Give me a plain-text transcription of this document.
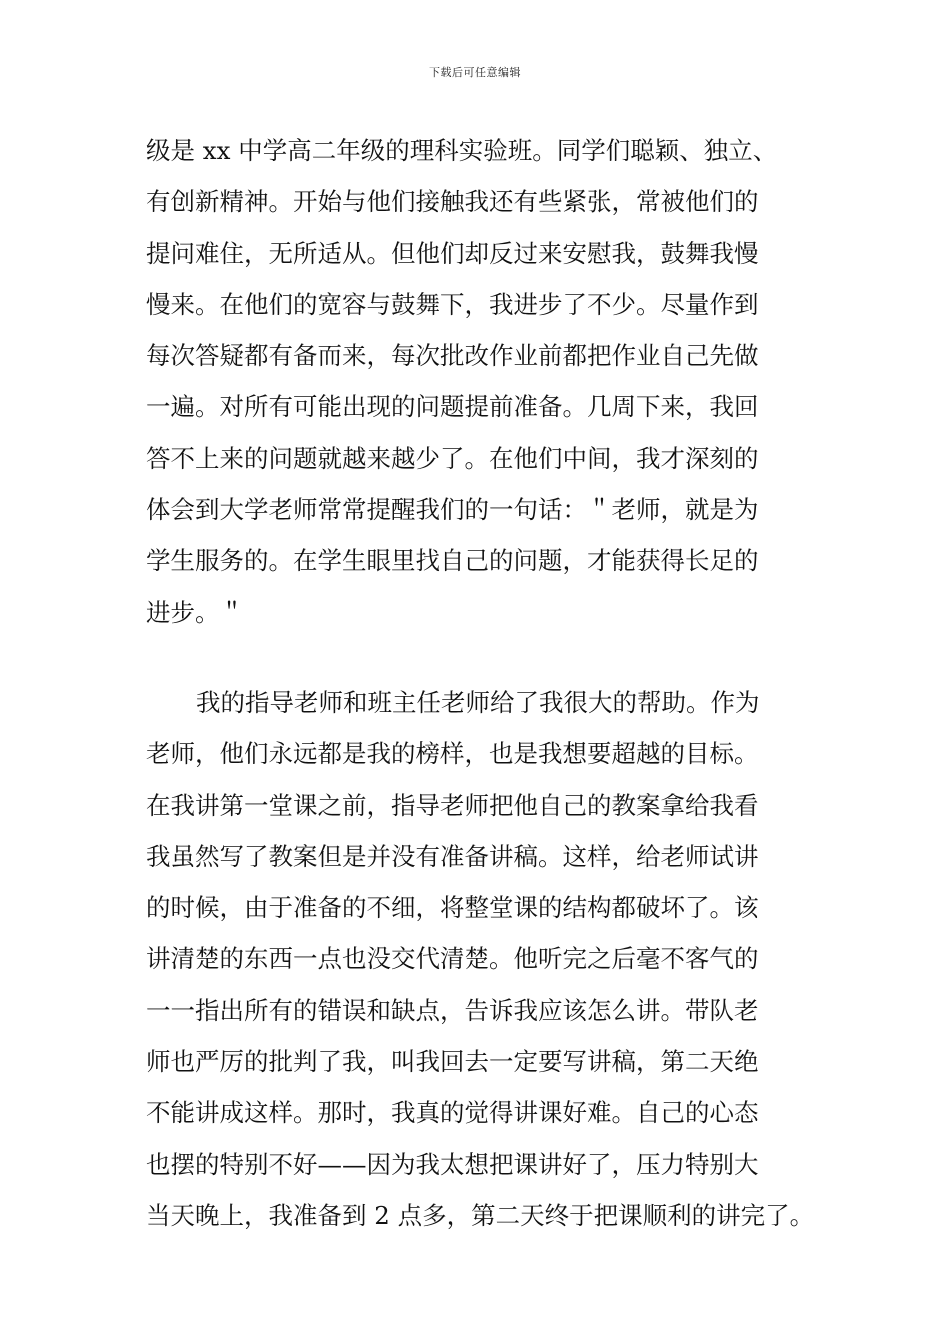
下载后可任意编辑
级是 xx 中学高二年级的理科实验班。同学们聪颖、独立、
有创新精神。开始与他们接触我还有些紧张，常被他们的
提问难住，无所适从。但他们却反过来安慰我，鼓舞我慢
慢来。在他们的宽容与鼓舞下，我进步了不少。尽量作到
每次答疑都有备而来，每次批改作业前都把作业自己先做
一遍。对所有可能出现的问题提前准备。几周下来，我回
答不上来的问题就越来越少了。在他们中间，我才深刻的
体会到大学老师常常提醒我们的一句话：＂老师，就是为
学生服务的。在学生眼里找自己的问题，才能获得长足的
进步。＂
我的指导老师和班主任老师给了我很大的帮助。作为
老师，他们永远都是我的榜样，也是我想要超越的目标。
在我讲第一堂课之前，指导老师把他自己的教案拿给我看
我虽然写了教案但是并没有准备讲稿。这样，给老师试讲
的时候，由于准备的不细，将整堂课的结构都破坏了。该
讲清楚的东西一点也没交代清楚。他听完之后毫不客气的
一一指出所有的错误和缺点，告诉我应该怎么讲。带队老
师也严厉的批判了我，叫我回去一定要写讲稿，第二天绝
不能讲成这样。那时，我真的觉得讲课好难。自己的心态
也摆的特别不好——因为我太想把课讲好了，压力特别大
当天晚上，我准备到 2 点多，第二天终于把课顺利的讲完了。
